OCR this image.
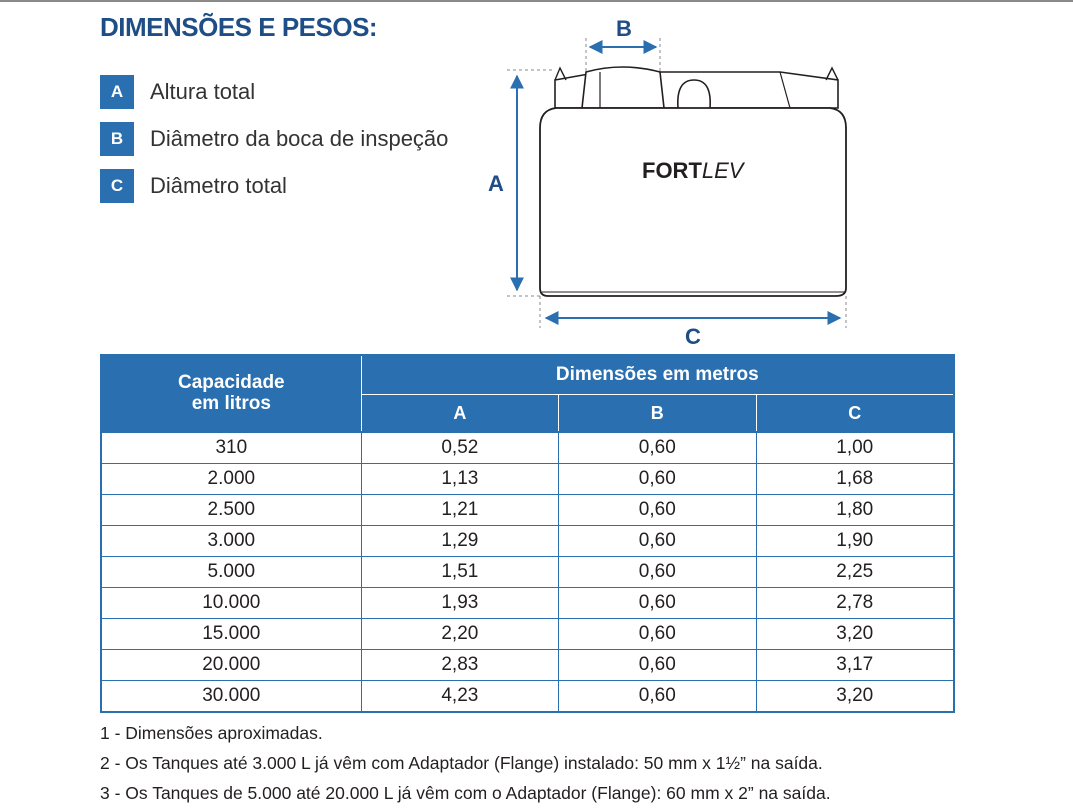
DIMENSÕES E PESOS:
A	Altura total
B	Diâmetro da boca de inspeção
C	Diâmetro total
FORTLEV
A
B
C
Capacidade
em litros	Dimensões em metros		
	A	B	C
310	0,52	0,60	1,00
2.000	1,13	0,60	1,68
2.500	1,21	0,60	1,80
3.000	1,29	0,60	1,90
5.000	1,51	0,60	2,25
10.000	1,93	0,60	2,78
15.000	2,20	0,60	3,20
20.000	2,83	0,60	3,17
30.000	4,23	0,60	3,20
1 - Dimensões aproximadas.
2 - Os Tanques até 3.000 L já vêm com Adaptador (Flange) instalado: 50 mm x 1½” na saída.
3 - Os Tanques de 5.000 até 20.000 L já vêm com o Adaptador (Flange): 60 mm x 2” na saída.
